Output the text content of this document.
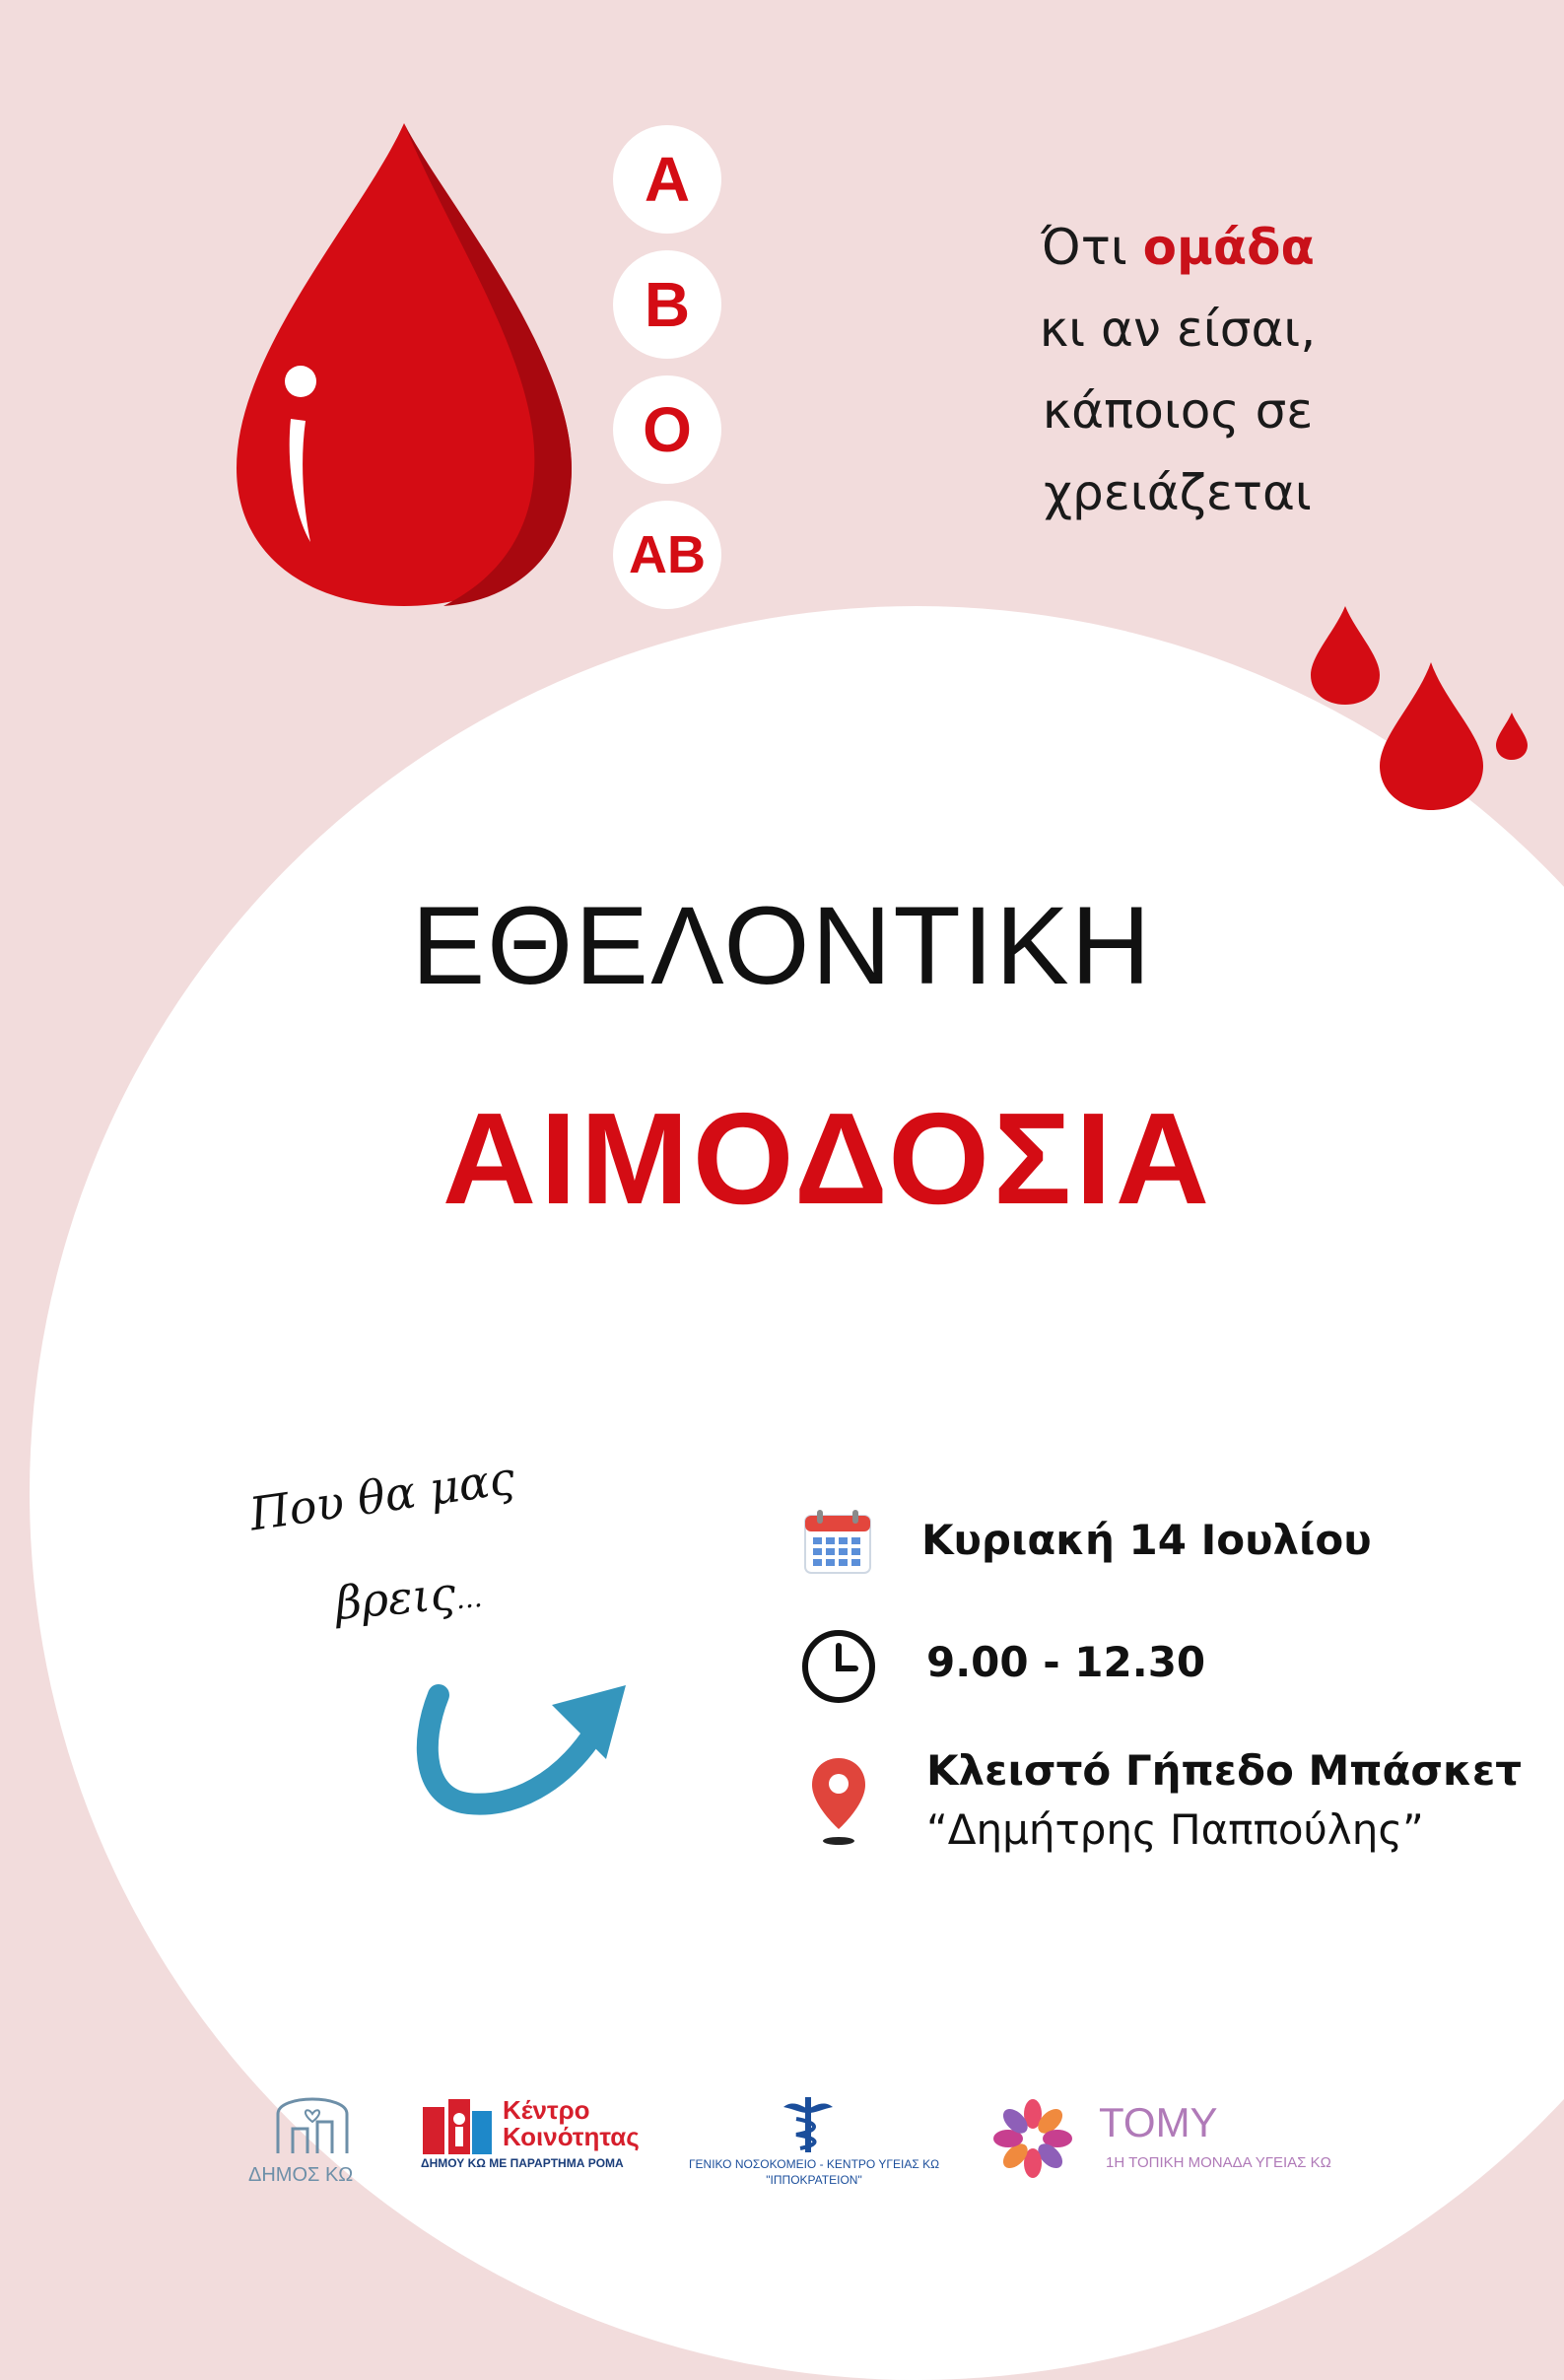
A
B
O
AB
Ότι ομάδα
κι αν είσαι,
κάποιος σε
χρειάζεται
ΕΘΕΛΟΝΤΙΚΗ
ΑΙΜΟΔΟΣΙΑ
Που θα μας
βρεις...
Κυριακή 14 Ιουλίου
9.00 - 12.30
Κλειστό Γήπεδο Μπάσκετ
“Δημήτρης Παππούλης”
ΔΗΜΟΣ ΚΩ
Κέντρο
Κοινότητας
ΔΗΜΟΥ ΚΩ ΜΕ ΠΑΡΑΡΤΗΜΑ ΡΟΜΑ	ΓΕΝΙΚΟ ΝΟΣΟΚΟΜΕΙΟ - ΚΕΝΤΡΟ ΥΓΕΙΑΣ ΚΩ
"ΙΠΠΟΚΡΑΤΕΙΟΝ"
ΤΟΜΥ
1Η ΤΟΠΙΚΗ ΜΟΝΑΔΑ ΥΓΕΙΑΣ ΚΩ
